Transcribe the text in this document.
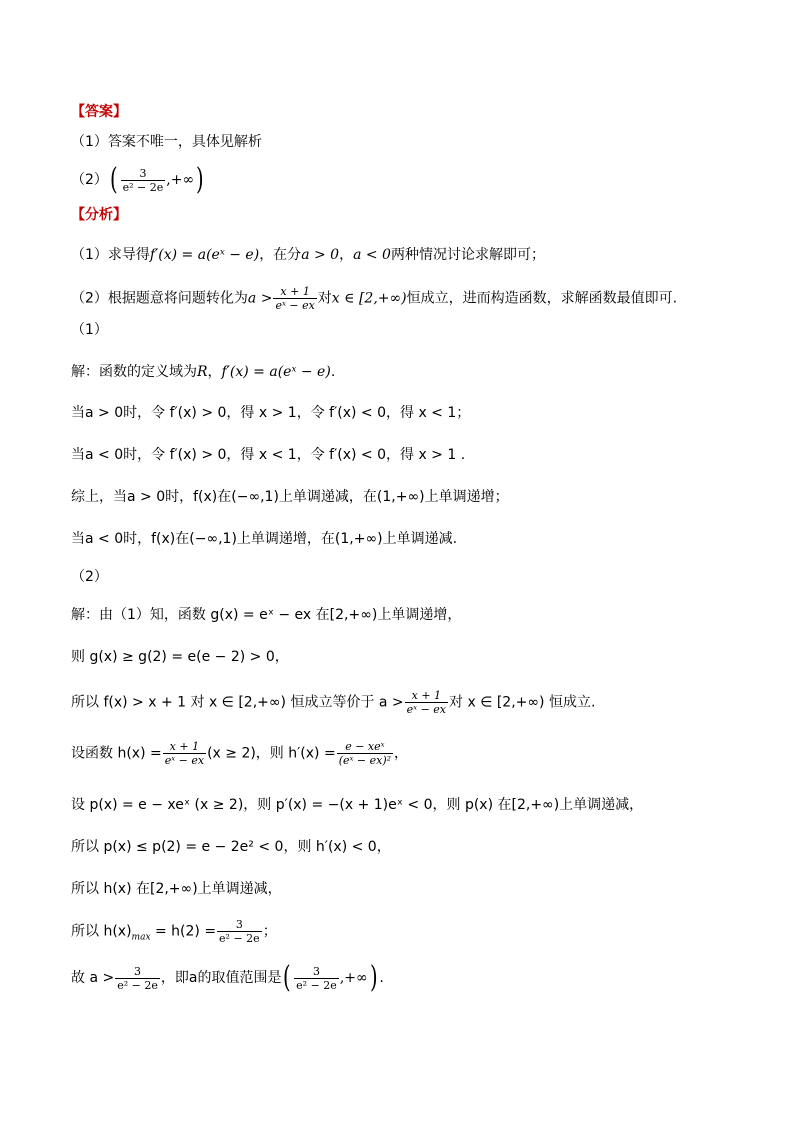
【答案】
（1）答案不唯一，具体见解析
$(2)( \frac{3}{\text{e² − 2e}}$ ,+∞)
【分析】
（1）求导得f′(x) = a(eˣ − e)，在分a > 0，a < 0两种情况讨论求解即可；
（2）根据题意将问题转化为$a > \frac{x + 1}{\text{eˣ − ex}}$ 对x ∈ [2,+∞)恒成立，进而构造函数，求解函数最值即可.
（1）
解：函数的定义域为R，f′(x) = a(eˣ − e).
当a > 0时，令 f′(x) > 0，得 x > 1，令 f′(x) < 0，得 x < 1；
当a < 0时，令 f′(x) > 0，得 x < 1，令 f′(x) < 0，得 x > 1 .
综上，当a > 0时，f(x)在(−∞,1)上单调递减，在(1,+∞)上单调递增；
当a < 0时，f(x)在(−∞,1)上单调递增，在(1,+∞)上单调递减.
（2）
解：由（1）知，函数 g(x) = eˣ − ex 在[2,+∞)上单调递增，
则 g(x) ≥ g(2) = e(e − 2) > 0，
所以 f(x) > x + 1 对 x ∈ [2,+∞) 恒成立等价于 $a > \frac{x + 1}{\text{eˣ − ex}}$ 对 x ∈ [2,+∞) 恒成立.
设函数 $h(x) = \frac{x + 1}{\text{eˣ − ex}} (x \ge 2)$，则 $h'(x) = \frac{\text{e − xeˣ}}{\text{(eˣ − ex)²}}$ ，
设 p(x) = e − xeˣ (x ≥ 2)，则 p′(x) = −(x + 1)eˣ < 0，则 p(x) 在[2,+∞)上单调递减，
所以 p(x) ≤ p(2) = e − 2e² < 0，则 h′(x) < 0，
所以 h(x) 在[2,+∞)上单调递减，
所以 $h(x)_{max} = h(2) = \frac{3}{\text{e² − 2e}}$ ；
故 $a > \frac{3}{\text{e² − 2e}}$ ，即a的取值范围是( $\frac{3}{\text{e² − 2e}}$ ,+∞) .
